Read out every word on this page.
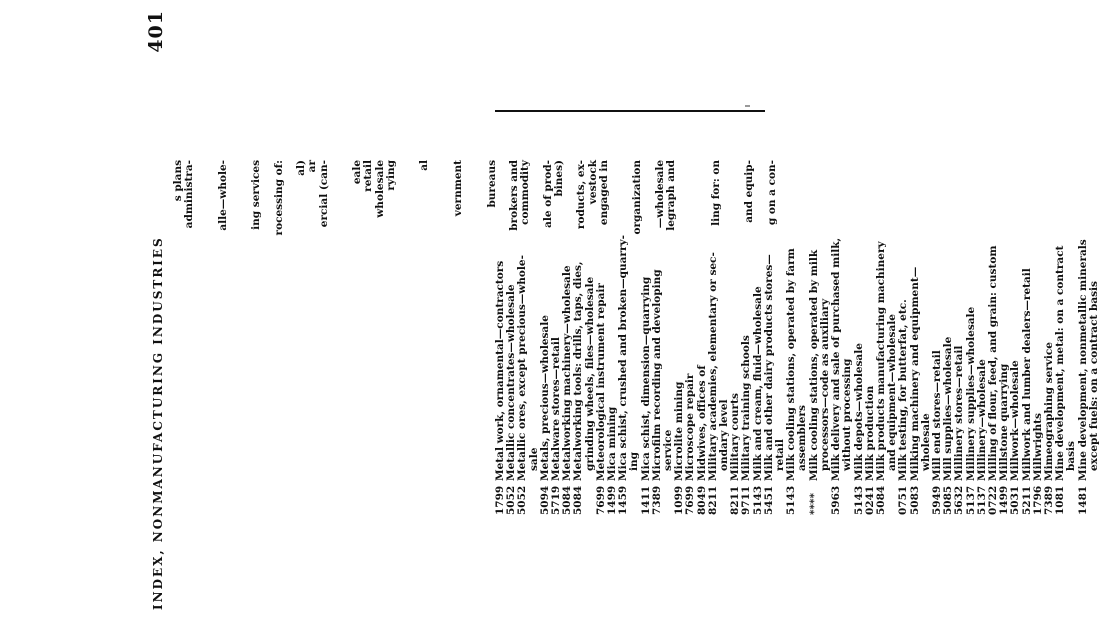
401
INDEX, NONMANUFACTURING INDUSTRIES
s plans administra-

alle—whole-

ing services
rocessing of:
al) ar ercial (can-

eale retail wholesale rying

al

vernment

bureaus
brokers and commodity
ale of prod- bines)
roducts, ex- vestock engaged in

organization
—wholesale legraph and

	ling for: on

and equip-
g on a con-
1799
Metal work, ornamental—contractors
5052
Metallic concentrates—wholesale
5052
Metallic ores, except precious—whole- sale
5094
Metals, precious—wholesale
5719
Metalware stores—retail
5084
Metalworking machinery—wholesale
5084
Metalworking tools: drills, taps, dies, grinding wheels, files—wholesale
7699
Meteorological instrument repair
1499
Mica mining
1459
Mica schist, crushed and broken—quarry- ing
1411
Mica schist, dimension—quarrying
7389
Microfilm recording and developing service
1099
Microlite mining
7699
Microscope repair
8049
Midwives, offices of
8211
Military academies, elementary or sec- ondary level
8211
Military courts
9711
Military training schools
5143
Milk and cream, fluid—wholesale
5451
Milk and other dairy products stores— retail
5143
Milk cooling stations, operated by farm assemblers
****
Milk cooling stations, operated by milk processors—code as auxiliary
5963
Milk delivery and sale of purchased milk, without processing
5143
Milk depots—wholesale
0241
Milk production
5084
Milk products manufacturing machinery and equipment—wholesale
0751
Milk testing, for butterfat, etc.
5083
Milking machinery and equipment— wholesale
5949
Mill end stores—retail
5085
Mill supplies—wholesale
5632
Millinery stores—retail
5137
Millinery supplies—wholesale
5137
Millinery—wholesale
0722
Milling of flour, feed, and grain: custom
1499
Millstone quarrying
5031
Millwork—wholesale
5211
Millwork and lumber dealers—retail
1796
Millwrights
7389
Mimeographing service
1081
Mine development, metal: on a contract basis
1481
Mine development, nonmetallic minerals except fuels: on a contract basis
